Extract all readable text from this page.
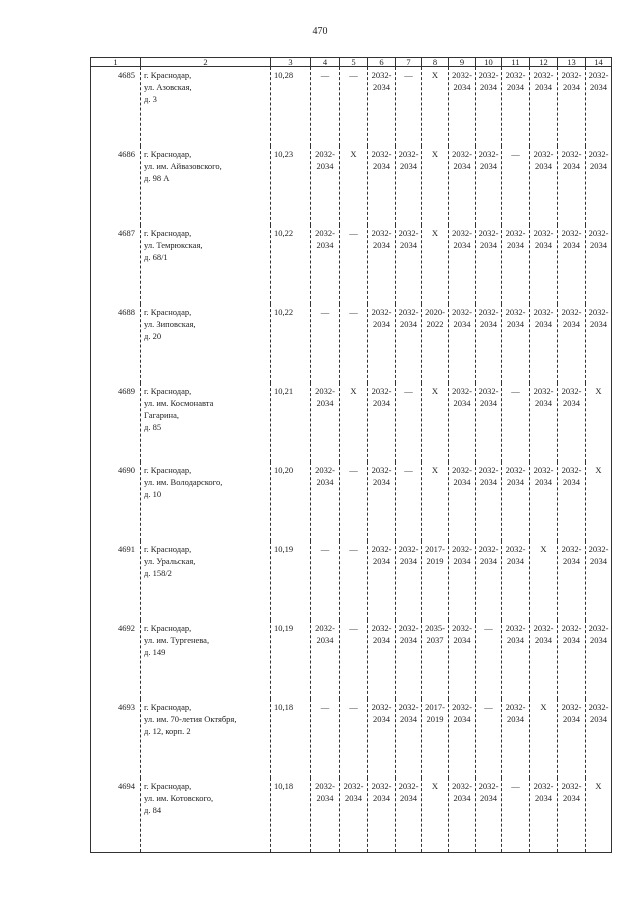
470
1	2	3	4	5	6	7	8	9	10	11	12	13	14
4685	г. Краснодар,
ул. Азовская,
д. 3	10,28	—	—	2032-
2034	—	X	2032-
2034	2032-
2034	2032-
2034	2032-
2034	2032-
2034	2032-
2034
4686	г. Краснодар,
ул. им. Айвазовского,
д. 98 А	10,23	2032-
2034	X	2032-
2034	2032-
2034	X	2032-
2034	2032-
2034	—	2032-
2034	2032-
2034	2032-
2034
4687	г. Краснодар,
ул. Темрюкская,
д. 68/1	10,22	2032-
2034	—	2032-
2034	2032-
2034	X	2032-
2034	2032-
2034	2032-
2034	2032-
2034	2032-
2034	2032-
2034
4688	г. Краснодар,
ул. Зиповская,
д. 20	10,22	—	—	2032-
2034	2032-
2034	2020-
2022	2032-
2034	2032-
2034	2032-
2034	2032-
2034	2032-
2034	2032-
2034
4689	г. Краснодар,
ул. им. Космонавта
Гагарина,
д. 85	10,21	2032-
2034	X	2032-
2034	—	X	2032-
2034	2032-
2034	—	2032-
2034	2032-
2034	X
4690	г. Краснодар,
ул. им. Володарского,
д. 10	10,20	2032-
2034	—	2032-
2034	—	X	2032-
2034	2032-
2034	2032-
2034	2032-
2034	2032-
2034	X
4691	г. Краснодар,
ул. Уральская,
д. 158/2	10,19	—	—	2032-
2034	2032-
2034	2017-
2019	2032-
2034	2032-
2034	2032-
2034	X	2032-
2034	2032-
2034
4692	г. Краснодар,
ул. им. Тургенева,
д. 149	10,19	2032-
2034	—	2032-
2034	2032-
2034	2035-
2037	2032-
2034	—	2032-
2034	2032-
2034	2032-
2034	2032-
2034
4693	г. Краснодар,
ул. им. 70-летия Октября,
д. 12, корп. 2	10,18	—	—	2032-
2034	2032-
2034	2017-
2019	2032-
2034	—	2032-
2034	X	2032-
2034	2032-
2034
4694	г. Краснодар,
ул. им. Котовского,
д. 84	10,18	2032-
2034	2032-
2034	2032-
2034	2032-
2034	X	2032-
2034	2032-
2034	—	2032-
2034	2032-
2034	X
